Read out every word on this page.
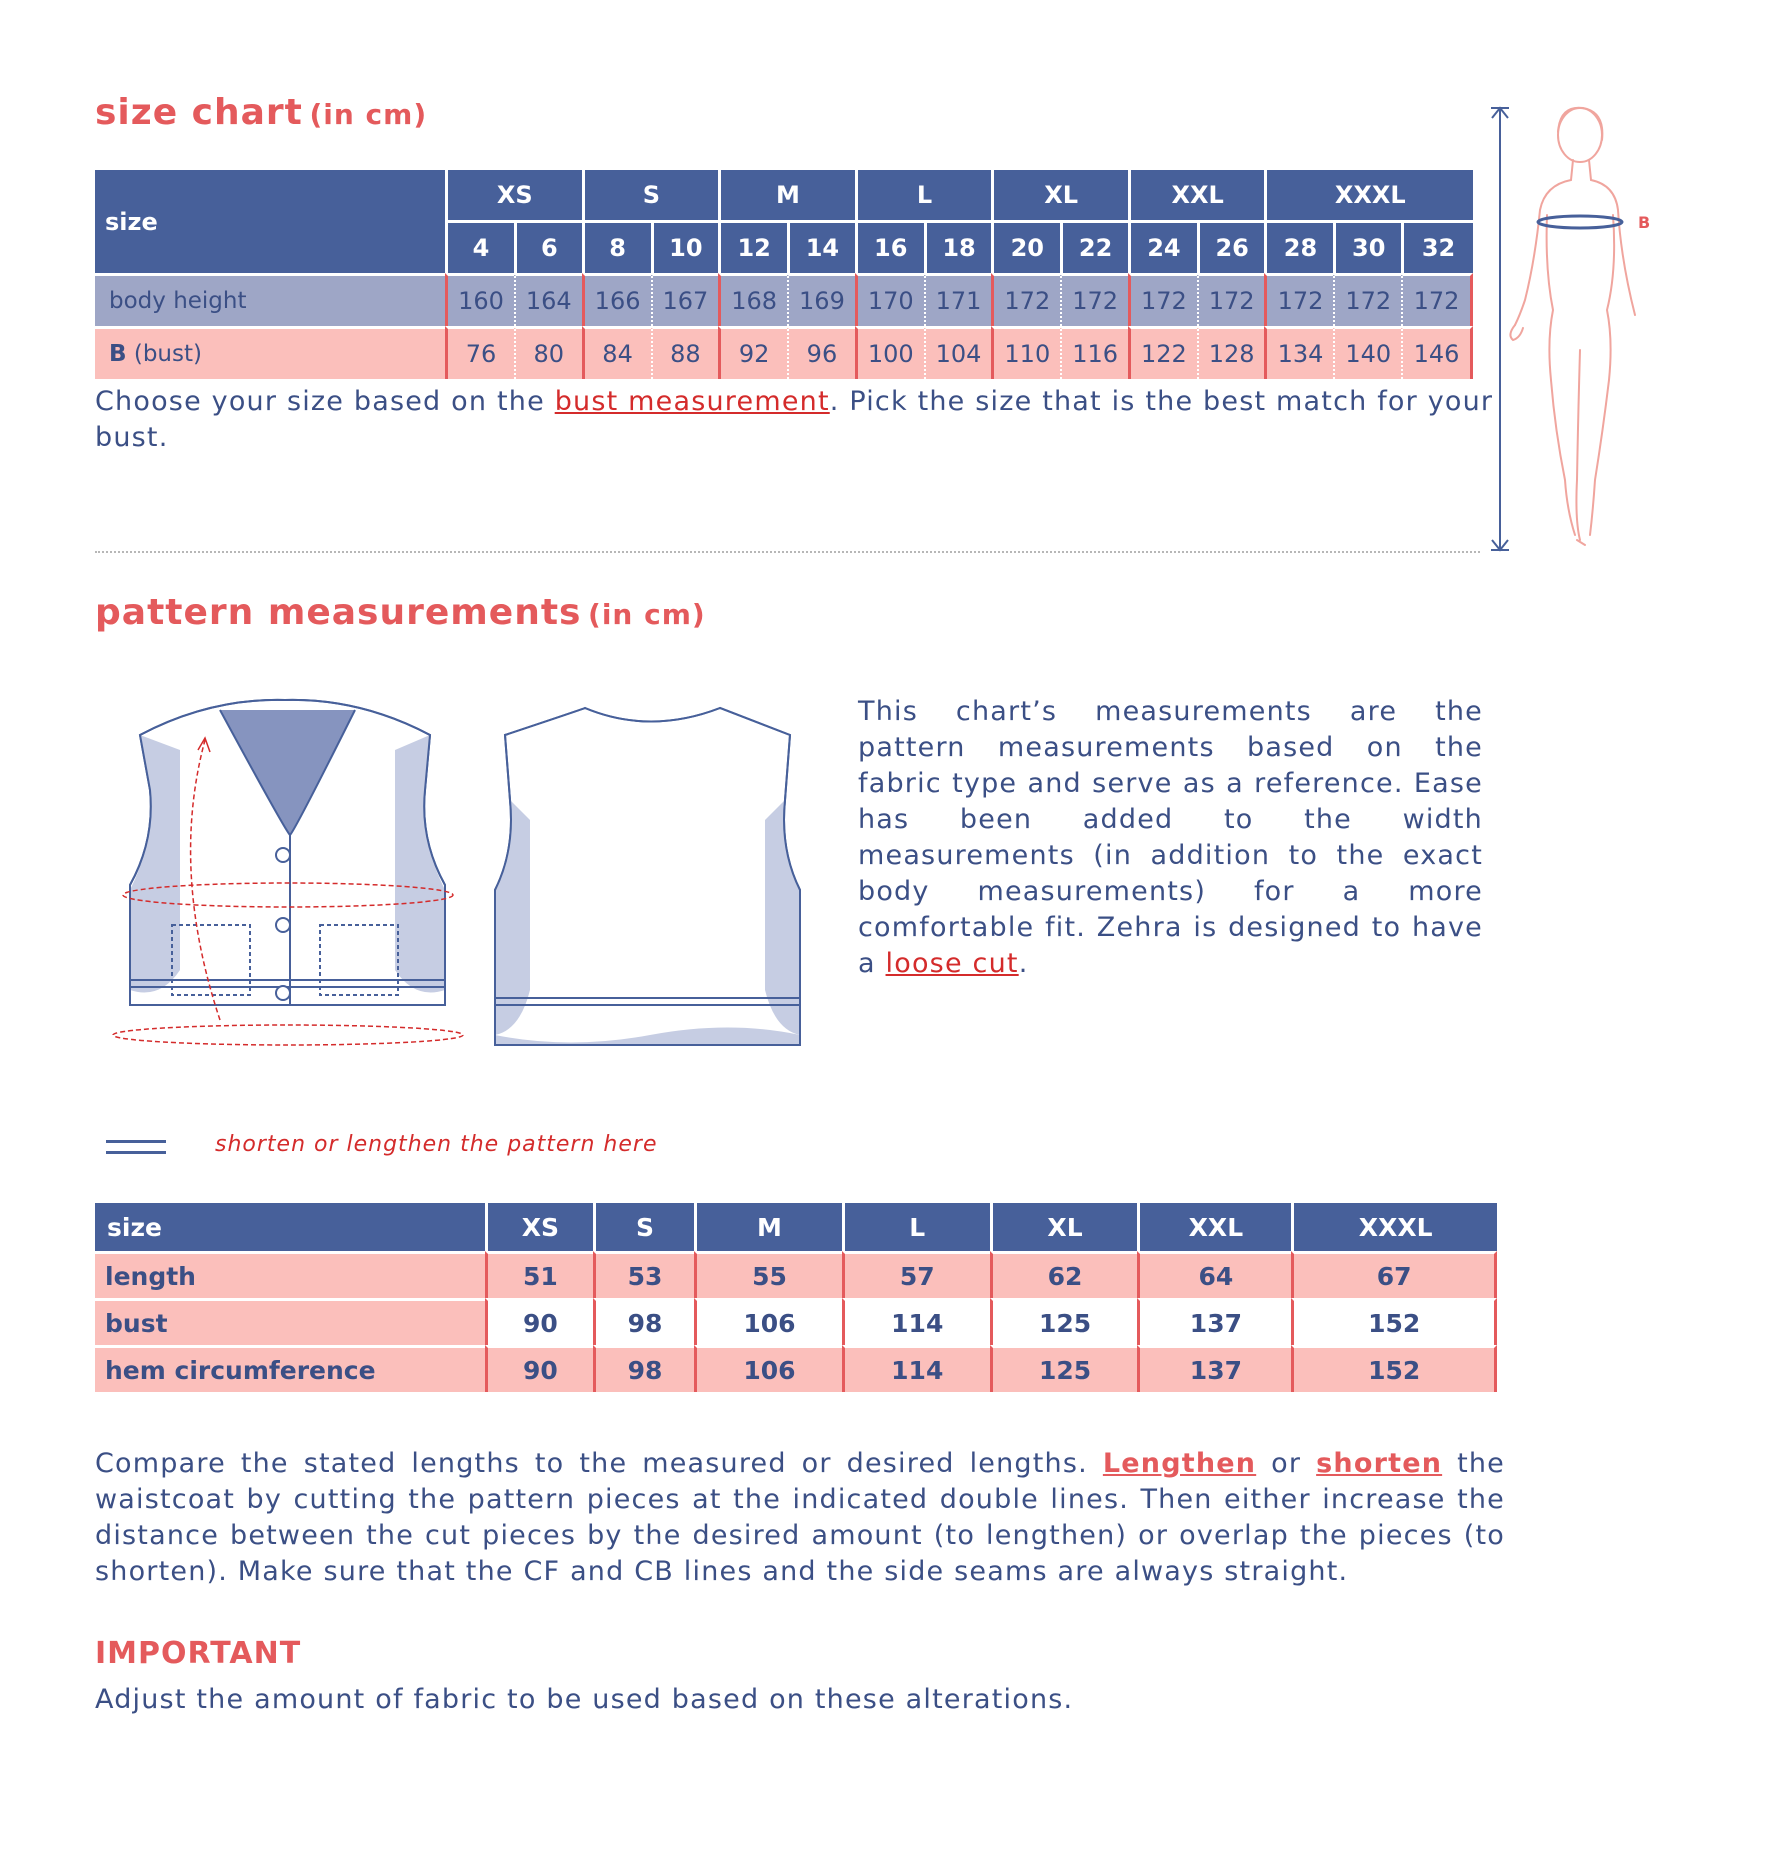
size chart (in cm)
size	XS		S		M		L		XL		XXL		XXXL		
	4	6	8	10	12	14	16	18	20	22	24	26	28	30	32
body height	160	164	166	167	168	169	170	171	172	172	172	172	172	172	172
B (bust)	76	80	84	88	92	96	100	104	110	116	122	128	134	140	146
Choose your size based on the bust measurement. Pick the size that is the best match for your bust.
B
pattern measurements (in cm)
This chart’s measurements are the pattern measurements based on the fabric type and serve as a reference. Ease has been added to the width measurements (in addition to the exact body measurements) for a more comfortable fit. Zehra is designed to have a loose cut.
shorten or lengthen the pattern here
size	XS	S	M	L	XL	XXL	XXXL
length	51	53	55	57	62	64	67
bust	90	98	106	114	125	137	152
hem circumference	90	98	106	114	125	137	152
Compare the stated lengths to the measured or desired lengths. Lengthen or shorten the waistcoat by cutting the pattern pieces at the indicated double lines. Then either increase the distance between the cut pieces by the desired amount (to lengthen) or overlap the pieces (to shorten). Make sure that the CF and CB lines and the side seams are always straight.
IMPORTANT
Adjust the amount of fabric to be used based on these alterations.
